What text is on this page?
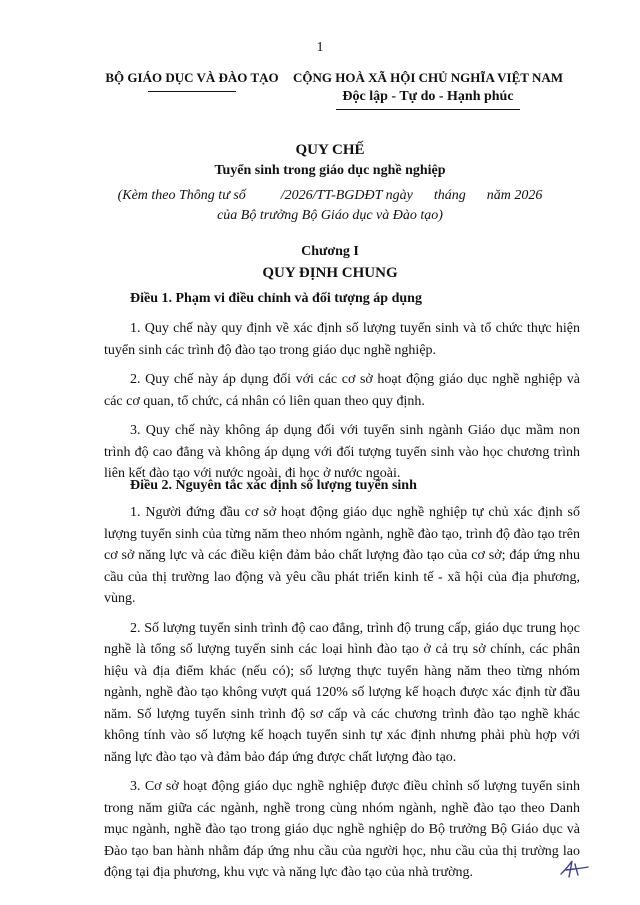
1
BỘ GIÁO DỤC VÀ ĐÀO TẠO CỘNG HOÀ XÃ HỘI CHỦ NGHĨA VIỆT NAM
Độc lập - Tự do - Hạnh phúc
QUY CHẾ
Tuyển sinh trong giáo dục nghề nghiệp
(Kèm theo Thông tư số          /2026/TT-BGDĐT ngày      tháng      năm 2026
của Bộ trưởng Bộ Giáo dục và Đào tạo)
Chương I
QUY ĐỊNH CHUNG
Điều 1. Phạm vi điều chỉnh và đối tượng áp dụng

1. Quy chế này quy định về xác định số lượng tuyển sinh và tổ chức thực hiện tuyển sinh các trình độ đào tạo trong giáo dục nghề nghiệp.

2. Quy chế này áp dụng đối với các cơ sở hoạt động giáo dục nghề nghiệp và các cơ quan, tổ chức, cá nhân có liên quan theo quy định.

3. Quy chế này không áp dụng đối với tuyển sinh ngành Giáo dục mầm non trình độ cao đẳng và không áp dụng với đối tượng tuyển sinh vào học chương trình liên kết đào tạo với nước ngoài, đi học ở nước ngoài.

Điều 2. Nguyên tắc xác định số lượng tuyển sinh

1. Người đứng đầu cơ sở hoạt động giáo dục nghề nghiệp tự chủ xác định số lượng tuyển sinh của từng năm theo nhóm ngành, nghề đào tạo, trình độ đào tạo trên cơ sở năng lực và các điều kiện đảm bảo chất lượng đào tạo của cơ sở; đáp ứng nhu cầu của thị trường lao động và yêu cầu phát triển kinh tế - xã hội của địa phương, vùng.

2. Số lượng tuyển sinh trình độ cao đẳng, trình độ trung cấp, giáo dục trung học nghề là tổng số lượng tuyển sinh các loại hình đào tạo ở cả trụ sở chính, các phân hiệu và địa điểm khác (nếu có); số lượng thực tuyển hàng năm theo từng nhóm ngành, nghề đào tạo không vượt quá 120% số lượng kế hoạch được xác định từ đầu năm. Số lượng tuyển sinh trình độ sơ cấp và các chương trình đào tạo nghề khác không tính vào số lượng kế hoạch tuyển sinh tự xác định nhưng phải phù hợp với năng lực đào tạo và đảm bảo đáp ứng được chất lượng đào tạo.

3. Cơ sở hoạt động giáo dục nghề nghiệp được điều chỉnh số lượng tuyển sinh trong năm giữa các ngành, nghề trong cùng nhóm ngành, nghề đào tạo theo Danh mục ngành, nghề đào tạo trong giáo dục nghề nghiệp do Bộ trưởng Bộ Giáo dục và Đào tạo ban hành nhằm đáp ứng nhu cầu của người học, nhu cầu của thị trường lao động tại địa phương, khu vực và năng lực đào tạo của nhà trường.
